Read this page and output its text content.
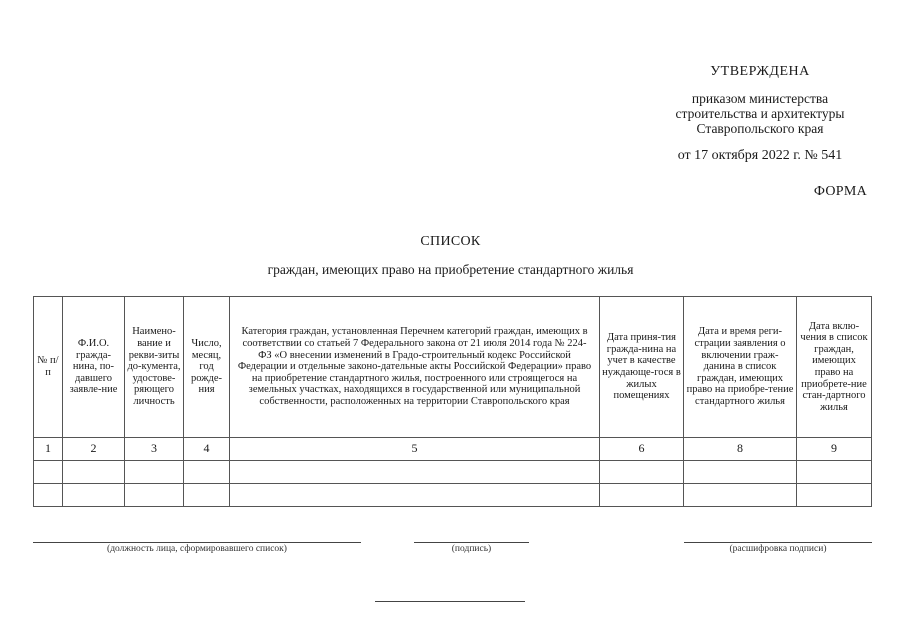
УТВЕРЖДЕНА
приказом министерства
строительства и архитектуры
Ставропольского края
от 17 октября 2022 г. № 541
ФОРМА
СПИСОК
граждан, имеющих право на приобретение стандартного жилья
№ п/п	Ф.И.О. гражда-нина, по-давшего заявле-ние	Наимено-вание и рекви-зиты до-кумента, удостове-ряющего личность	Число, месяц, год рожде-ния	Категория граждан, установленная Перечнем категорий граждан, имеющих в соответствии со статьей 7 Федерального закона от 21 июля 2014 года № 224-ФЗ «О внесении изменений в Градо-строительный кодекс Российской Федерации и отдельные законо-дательные акты Российской Федерации» право на приобретение стандартного жилья, построенного или строящегося на земельных участках, находящихся в государственной или муниципальной собственности, расположенных на территории Ставропольского края	Дата приня-тия гражда-нина на учет в качестве нуждающе-гося в жилых помещениях	Дата и время реги-страции заявления о включении граж-данина в список граждан, имеющих право на приобре-тение стандартного жилья	Дата вклю-чения в список граждан, имеющих право на приобрете-ние стан-дартного жилья
1	2	3	4	5	6	8	9

(должность лица, сформировавшего список)	(подпись)	(расшифровка подписи)
